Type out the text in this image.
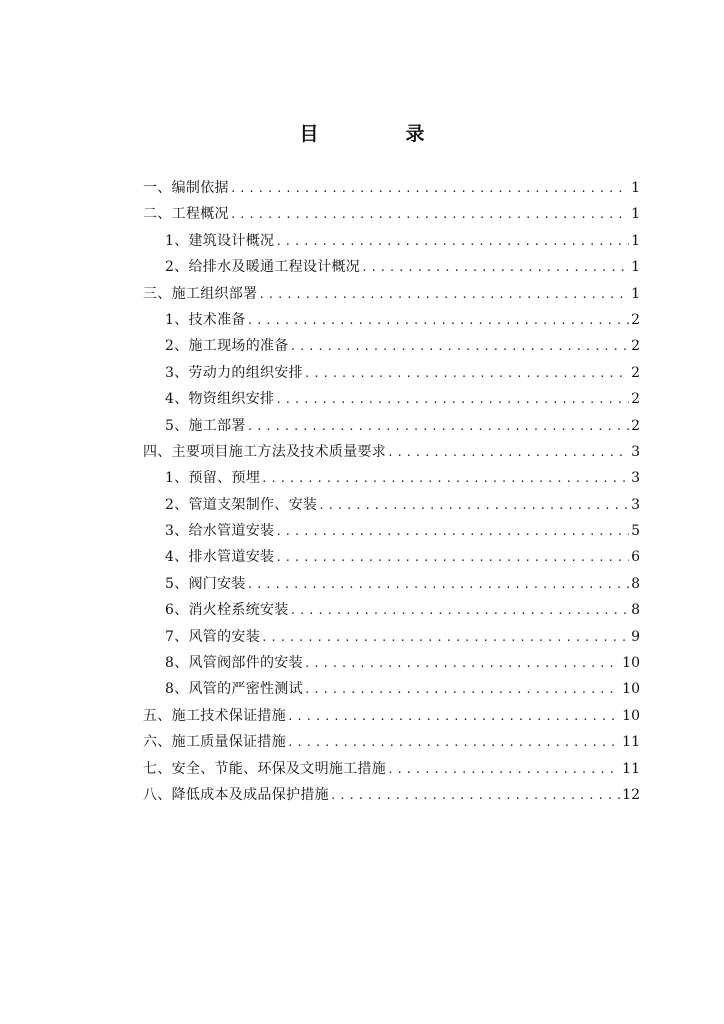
目　录
一、编制依据 .....	1
二、工程概况 .....	1
1、建筑设计概况 .....	1
2、给排水及暖通工程设计概况 .....	1
三、施工组织部署 .....	1
1、技术准备 .....	2
2、施工现场的准备 .....	2
3、劳动力的组织安排 .....	2
4、物资组织安排 .....	2
5、施工部署 .....	2
四、主要项目施工方法及技术质量要求 .....	3
1、预留、预埋 .....	3
2、管道支架制作、安装 .....	3
3、给水管道安装 .....	5
4、排水管道安装 .....	6
5、阀门安装 .....	8
6、消火栓系统安装 .....	8
7、风管的安装 .....	9
8、风管阀部件的安装 .....	10
8、风管的严密性测试 .....	10
五、施工技术保证措施 .....	10
六、施工质量保证措施 .....	11
七、安全、节能、环保及文明施工措施 .....	11
八、降低成本及成品保护措施 .....	12
